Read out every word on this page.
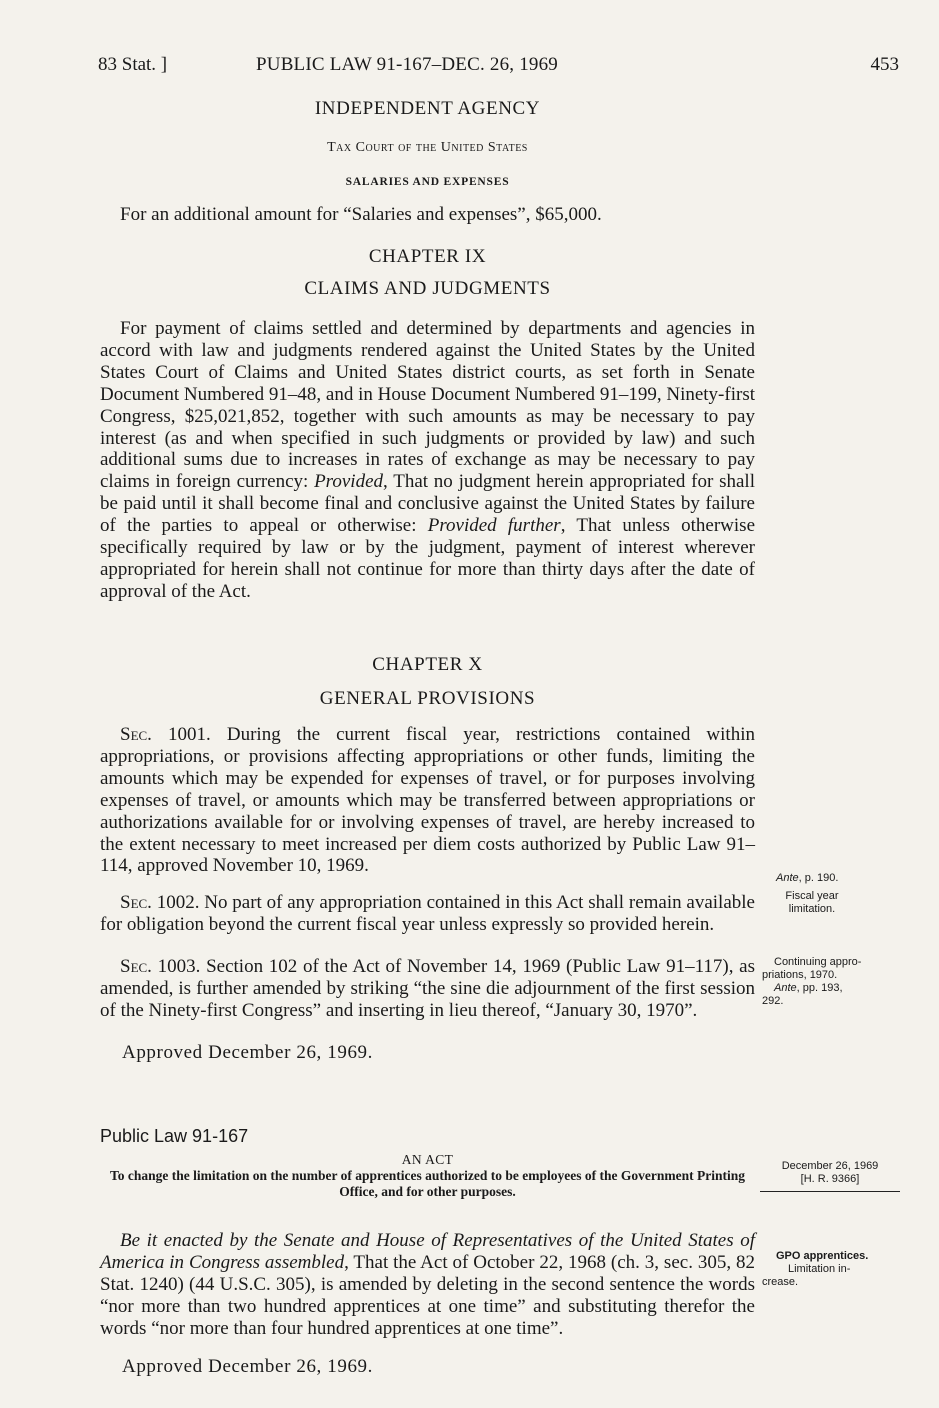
83 Stat. ]	PUBLIC LAW 91-167–DEC. 26, 1969	453
INDEPENDENT AGENCY
Tax Court of the United States
SALARIES AND EXPENSES
For an additional amount for “Salaries and expenses”, $65,000.
CHAPTER IX
CLAIMS AND JUDGMENTS
For payment of claims settled and determined by departments and agencies in accord with law and judgments rendered against the United States by the United States Court of Claims and United States district courts, as set forth in Senate Document Numbered 91–48, and in House Document Numbered 91–199, Ninety-first Congress, $25,021,852, together with such amounts as may be necessary to pay interest (as and when specified in such judgments or provided by law) and such additional sums due to increases in rates of exchange as may be necessary to pay claims in foreign currency: Provided, That no judgment herein appropriated for shall be paid until it shall become final and conclusive against the United States by failure of the parties to appeal or otherwise: Provided further, That unless otherwise specifically required by law or by the judgment, payment of interest wherever appropriated for herein shall not continue for more than thirty days after the date of approval of the Act.
CHAPTER X
GENERAL PROVISIONS
Sec. 1001. During the current fiscal year, restrictions contained within appropriations, or provisions affecting appropriations or other funds, limiting the amounts which may be expended for expenses of travel, or for purposes involving expenses of travel, or amounts which may be transferred between appropriations or authorizations available for or involving expenses of travel, are hereby increased to the extent necessary to meet increased per diem costs authorized by Public Law 91–114, approved November 10, 1969.
Sec. 1002. No part of any appropriation contained in this Act shall remain available for obligation beyond the current fiscal year unless expressly so provided herein.
Sec. 1003. Section 102 of the Act of November 14, 1969 (Public Law 91–117), as amended, is further amended by striking “the sine die adjournment of the first session of the Ninety-first Congress” and inserting in lieu thereof, “January 30, 1970”.
Approved December 26, 1969.
Public Law 91-167
AN ACT
To change the limitation on the number of apprentices authorized to be employees of the Government Printing Office, and for other purposes.
Be it enacted by the Senate and House of Representatives of the United States of America in Congress assembled, That the Act of October 22, 1968 (ch. 3, sec. 305, 82 Stat. 1240) (44 U.S.C. 305), is amended by deleting in the second sentence the words “nor more than two hundred apprentices at one time” and substituting therefor the words “nor more than four hundred apprentices at one time”.
Approved December 26, 1969.
Ante, p. 190.
Fiscal year
limitation.
Continuing appro-
priations, 1970.
Ante, pp. 193,
292.
December 26, 1969
[H. R. 9366]
GPO apprentices.
Limitation in-
crease.
